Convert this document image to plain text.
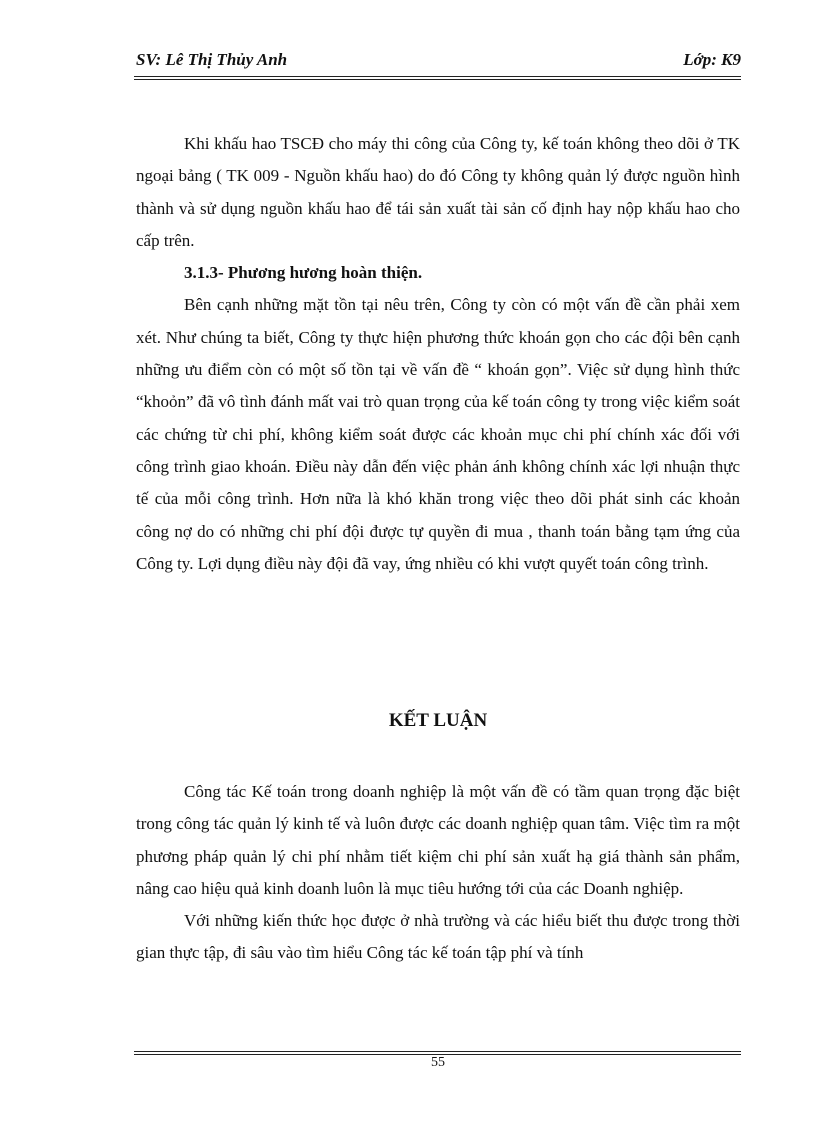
SV: Lê Thị Thủy Anh	Lớp: K9

Khi khấu hao TSCĐ cho máy thi công của Công ty, kế toán không theo dõi ở TK ngoại bảng ( TK 009 - Nguồn khấu hao) do đó Công ty không quản lý được nguồn hình thành và sử dụng nguồn khấu hao để tái sản xuất tài sản cố định hay nộp khấu hao cho cấp trên.

3.1.3- Phương hương hoàn thiện.

Bên cạnh những mặt tồn tại nêu trên, Công ty còn có một vấn đề cần phải xem xét. Như chúng ta biết, Công ty thực hiện phương thức khoán gọn cho các đội bên cạnh những ưu điểm còn có một số tồn tại về vấn đề “ khoán gọn”. Việc sử dụng hình thức “khoỏn” đã vô tình đánh mất vai trò quan trọng của kế toán công ty trong việc kiểm soát các chứng từ chi phí, không kiểm soát được các khoản mục chi phí chính xác đối với công trình giao khoán. Điều này dẫn đến việc phản ánh không chính xác lợi nhuận thực tế của mỗi công trình. Hơn nữa là khó khăn trong việc theo dõi phát sinh các khoản công nợ do có những chi phí đội được tự quyền đi mua , thanh toán bằng tạm ứng của Công ty. Lợi dụng điều này đội đã vay, ứng nhiều có khi vượt quyết toán công trình.

KẾT LUẬN

Công tác Kế toán trong doanh nghiệp là một vấn đề có tầm quan trọng đặc biệt trong công tác quản lý kinh tế và luôn được các doanh nghiệp quan tâm. Việc tìm ra một phương pháp quản lý chi phí nhằm tiết kiệm chi phí sản xuất hạ giá thành sản phẩm, nâng cao hiệu quả kinh doanh luôn là mục tiêu hướng tới của các Doanh nghiệp.

Với những kiến thức học được ở nhà trường và các hiểu biết thu được trong thời gian thực tập, đi sâu vào tìm hiểu Công tác kế toán tập phí và tính

55
